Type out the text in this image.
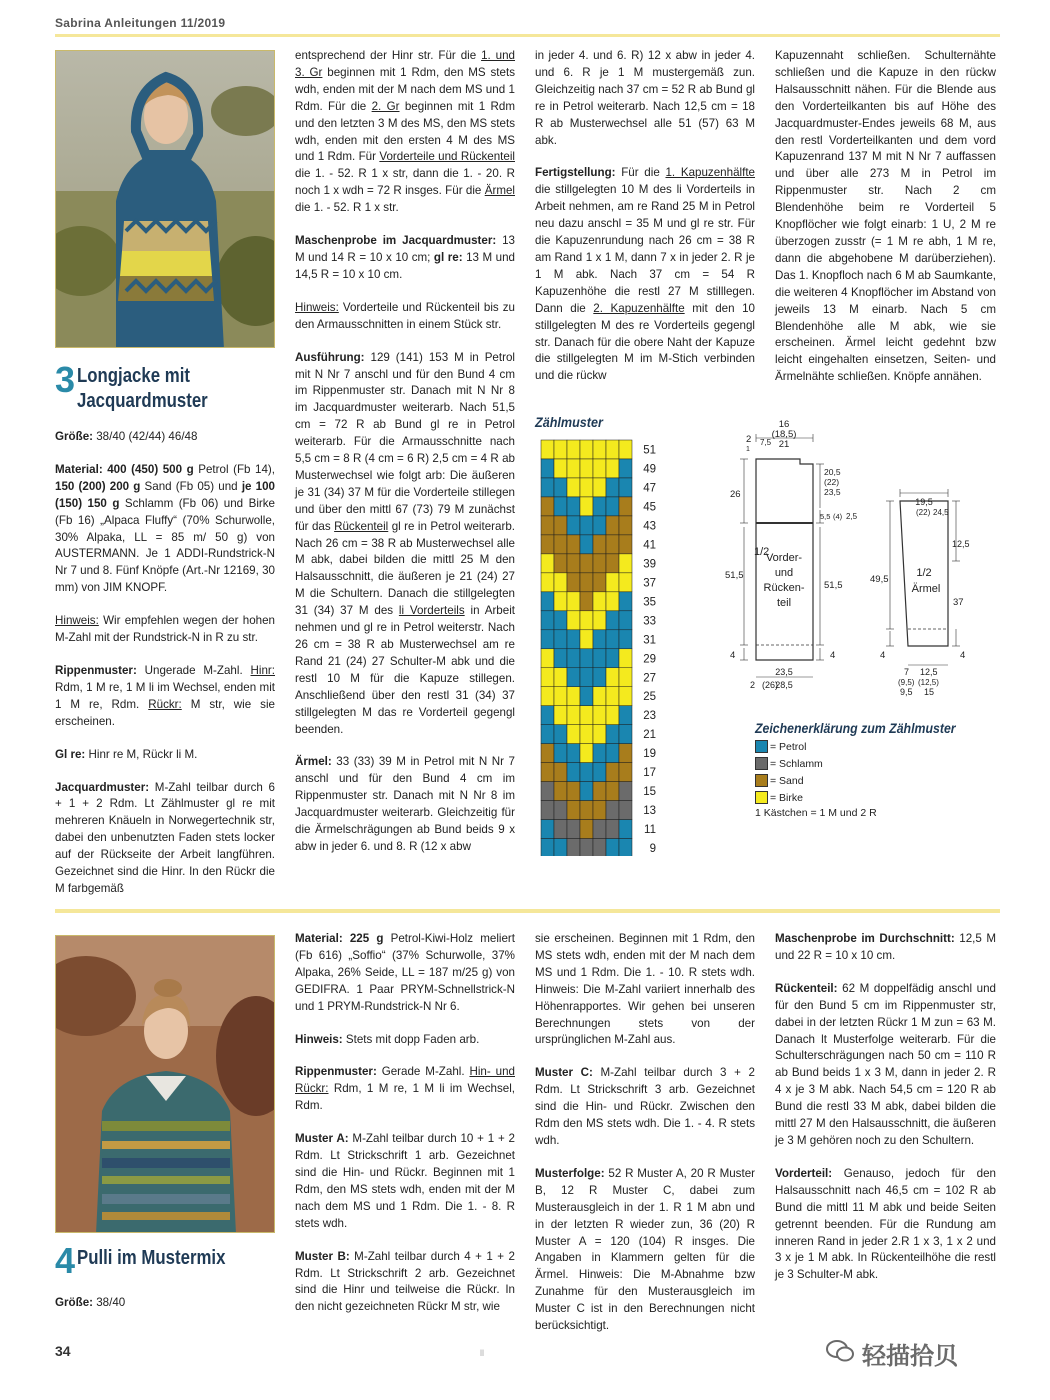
Sabrina Anleitungen 11/2019
3 Longjacke mit
Jacquardmuster

Größe: 38/40 (42/44) 46/48

Material: 400 (450) 500 g Petrol (Fb 14), 150 (200) 200 g Sand (Fb 05) und je 100 (150) 150 g Schlamm (Fb 06) und Birke (Fb 16) „Alpaca Fluffy“ (70% Schurwolle, 30% Alpaka, LL = 85 m/ 50 g) von AUSTERMANN. Je 1 ADDI-Rundstrick-N Nr 7 und 8. Fünf Knöpfe (Art.-Nr 12169, 30 mm) von JIM KNOPF.

Hinweis: Wir empfehlen wegen der hohen M-Zahl mit der Rundstrick-N in R zu str.

Rippenmuster: Ungerade M-Zahl. Hinr: Rdm, 1 M re, 1 M li im Wechsel, enden mit 1 M re, Rdm. Rückr: M str, wie sie erscheinen.

Gl re: Hinr re M, Rückr li M.

Jacquardmuster: M-Zahl teilbar durch 6 + 1 + 2 Rdm. Lt Zählmuster gl re mit mehreren Knäueln in Norwegertechnik str, dabei den unbenutzten Faden stets locker auf der Rückseite der Arbeit langführen. Gezeichnet sind die Hinr. In den Rückr die M farbgemäß

entsprechend der Hinr str. Für die 1. und 3. Gr beginnen mit 1 Rdm, den MS stets wdh, enden mit der M nach dem MS und 1 Rdm. Für die 2. Gr beginnen mit 1 Rdm und den letzten 3 M des MS, den MS stets wdh, enden mit den ersten 4 M des MS und 1 Rdm. Für Vorderteile und Rückenteil die 1. - 52. R 1 x str, dann die 1. - 20. R noch 1 x wdh = 72 R insges. Für die Ärmel die 1. - 52. R 1 x str.

Maschenprobe im Jacquardmuster: 13 M und 14 R = 10 x 10 cm; gl re: 13 M und 14,5 R = 10 x 10 cm.

Hinweis: Vorderteile und Rückenteil bis zu den Armausschnitten in einem Stück str.

Ausführung: 129 (141) 153 M in Petrol mit N Nr 7 anschl und für den Bund 4 cm im Rippenmuster str. Danach mit N Nr 8 im Jacquardmuster weiterarb. Nach 51,5 cm = 72 R ab Bund gl re in Petrol weiterarb. Für die Armausschnitte nach 5,5 cm = 8 R (4 cm = 6 R) 2,5 cm = 4 R ab Musterwechsel wie folgt arb: Die äußeren je 31 (34) 37 M für die Vorderteile stillegen und über den mittl 67 (73) 79 M zunächst für das Rückenteil gl re in Petrol weiterarb. Nach 26 cm = 38 R ab Musterwechsel alle M abk, dabei bilden die mittl 25 M den Halsausschnitt, die äußeren je 21 (24) 27 M die Schultern. Danach die stillgelegten 31 (34) 37 M des li Vorderteils in Arbeit nehmen und gl re in Petrol weiterstr. Nach 26 cm = 38 R ab Musterwechsel am re Rand 21 (24) 27 Schulter-M abk und die restl 10 M für die Kapuze stillegen. Anschließend über den restl 31 (34) 37 stillgelegten M das re Vorderteil gegengl beenden.

Ärmel: 33 (33) 39 M in Petrol mit N Nr 7 anschl und für den Bund 4 cm im Rippenmuster str. Danach mit N Nr 8 im Jacquardmuster weiterarb. Gleichzeitig für die Ärmelschrägungen ab Bund beids 9 x abw in jeder 6. und 8. R (12 x abw

in jeder 4. und 6. R) 12 x abw in jeder 4. und 6. R je 1 M mustergemäß zun. Gleichzeitig nach 37 cm = 52 R ab Bund gl re in Petrol weiterarb. Nach 12,5 cm = 18 R ab Musterwechsel alle 51 (57) 63 M abk.

Fertigstellung: Für die 1. Kapuzenhälfte die stillgelegten 10 M des li Vorderteils in Arbeit nehmen, am re Rand 25 M in Petrol neu dazu anschl = 35 M und gl re str. Für die Kapuzenrundung nach 26 cm = 38 R am Rand 1 x 1 M, dann 7 x in jeder 2. R je 1 M abk. Nach 37 cm = 54 R Kapuzenhöhe die restl 27 M stilllegen. Dann die 2. Kapuzenhälfte mit den 10 stillgelegten M des re Vorderteils gegengl str. Danach für die obere Naht der Kapuze die stillgelegten M im M-Stich verbinden und die rückw

Kapuzennaht schließen. Schulternähte schließen und die Kapuze in den rückw Halsausschnitt nähen. Für die Blende aus den Vorderteilkanten bis auf Höhe des Jacquardmuster-Endes jeweils 68 M, aus den restl Vorderteilkanten und dem vord Kapuzenrand 137 M mit N Nr 7 auffassen und über alle 273 M in Petrol im Rippenmuster str. Nach 2 cm Blendenhöhe beim re Vorderteil 5 Knopflöcher wie folgt einarb: 1 U, 2 M re überzogen zusstr (= 1 M re abh, 1 M re, dann die abgehobene M darüberziehen). Das 1. Knopfloch nach 6 M ab Saumkante, die weiteren 4 Knopflöcher im Abstand von jeweils 13 M einarb. Nach 5 cm Blendenhöhe alle M abk, wie sie erscheinen. Ärmel leicht gedehnt bzw leicht eingehalten einsetzen, Seiten- und Ärmelnähte schließen. Knöpfe annähen.

Zählmuster
51
49
47
45
43
41
39
37
35
33
31
29
27
25
23
21
19
17
15
13
11
9
Zeichenerklärung zum Zählmuster
= Petrol
= Schlamm
= Sand
= Birke
1 Kästchen = 1 M und 2 R
16
(18,5)
21
2
1
7,5
20,5
(22)
23,5
26
5,5 (4) 2,5
51,5
51,5
4	4
23,5
28,5
2 (26)
1/2
Vorder-
und
Rücken-
teil
19,5
(22) 24,5
12,5
49,5
37
1/2
Ärmel
4	4
7
(9,5)
9,5
12,5
(12,5)
15
4 Pulli im Mustermix

Größe: 38/40

Material: 225 g Petrol-Kiwi-Holz meliert (Fb 616) „Soffio“ (37% Schurwolle, 37% Alpaka, 26% Seide, LL = 187 m/25 g) von GEDIFRA. 1 Paar PRYM-Schnellstrick-N und 1 PRYM-Rundstrick-N Nr 6.

Hinweis: Stets mit dopp Faden arb.

Rippenmuster: Gerade M-Zahl. Hin- und Rückr: Rdm, 1 M re, 1 M li im Wechsel, Rdm.

Muster A: M-Zahl teilbar durch 10 + 1 + 2 Rdm. Lt Strickschrift 1 arb. Gezeichnet sind die Hin- und Rückr. Beginnen mit 1 Rdm, den MS stets wdh, enden mit der M nach dem MS und 1 Rdm. Die 1. - 8. R stets wdh.

Muster B: M-Zahl teilbar durch 4 + 1 + 2 Rdm. Lt Strickschrift 2 arb. Gezeichnet sind die Hinr und teilweise die Rückr. In den nicht gezeichneten Rückr M str, wie

sie erscheinen. Beginnen mit 1 Rdm, den MS stets wdh, enden mit der M nach dem MS und 1 Rdm. Die 1. - 10. R stets wdh. Hinweis: Die M-Zahl variiert innerhalb des Höhenrapportes. Wir gehen bei unseren Berechnungen stets von der ursprünglichen M-Zahl aus.

Muster C: M-Zahl teilbar durch 3 + 2 Rdm. Lt Strickschrift 3 arb. Gezeichnet sind die Hin- und Rückr. Zwischen den Rdm den MS stets wdh. Die 1. - 4. R stets wdh.

Musterfolge: 52 R Muster A, 20 R Muster B, 12 R Muster C, dabei zum Musterausgleich in der 1. R 1 M abn und in der letzten R wieder zun, 36 (20) R Muster A = 120 (104) R insges. Die Angaben in Klammern gelten für die Ärmel. Hinweis: Die M-Abnahme bzw Zunahme für den Musterausgleich im Muster C ist in den Berechnungen nicht berücksichtigt.

Maschenprobe im Durchschnitt: 12,5 M und 22 R = 10 x 10 cm.

Rückenteil: 62 M doppelfädig anschl und für den Bund 5 cm im Rippenmuster str, dabei in der letzten Rückr 1 M zun = 63 M. Danach lt Musterfolge weiterarb. Für die Schulterschrägungen nach 50 cm = 110 R ab Bund beids 1 x 3 M, dann in jeder 2. R 4 x je 3 M abk. Nach 54,5 cm = 120 R ab Bund die restl 33 M abk, dabei bilden die mittl 27 M den Halsausschnitt, die äußeren je 3 M gehören noch zu den Schultern.

Vorderteil: Genauso, jedoch für den Halsausschnitt nach 46,5 cm = 102 R ab Bund die mittl 11 M abk und beide Seiten getrennt beenden. Für die Rundung am inneren Rand in jeder 2.R 1 x 3, 1 x 2 und 3 x je 1 M abk. In Rückenteilhöhe die restl je 3 Schulter-M abk.

34	ll	轻描拾贝
